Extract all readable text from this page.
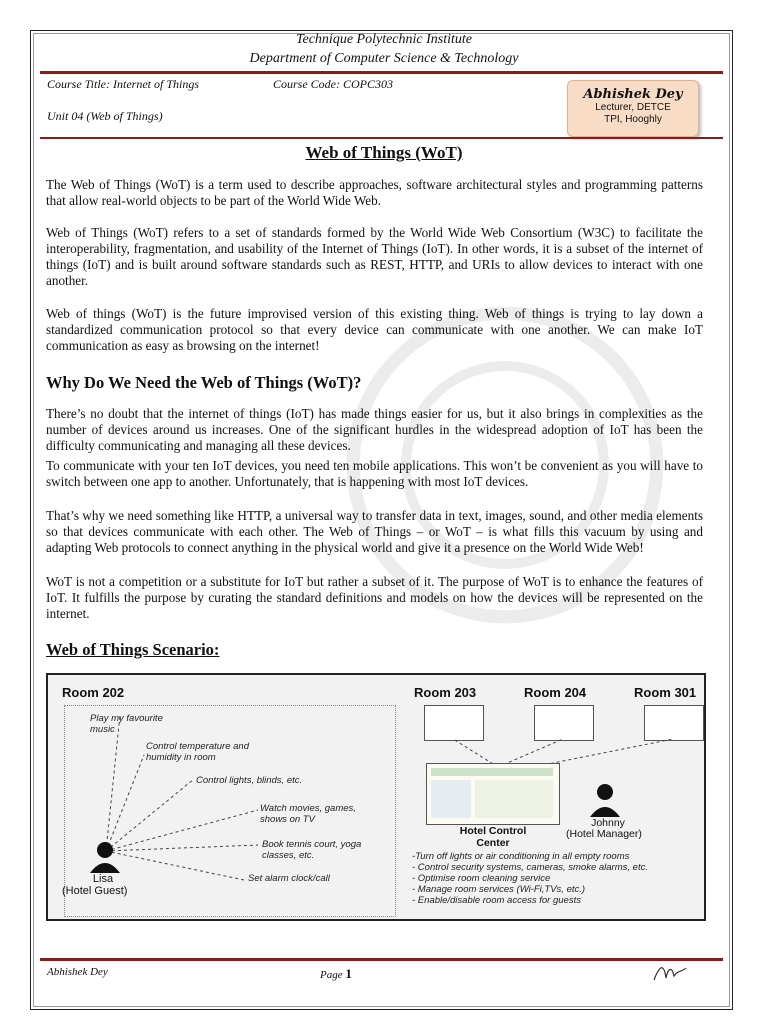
Technique Polytechnic Institute
Department of Computer Science & Technology
Course Title: Internet of Things	Course Code: COPC303
Unit 04 (Web of Things)
Abhishek Dey
Lecturer, DETCE
TPI, Hooghly
Web of Things (WoT)

The Web of Things (WoT) is a term used to describe approaches, software architectural styles and programming patterns that allow real-world objects to be part of the World Wide Web.

Web of Things (WoT) refers to a set of standards formed by the World Wide Web Consortium (W3C) to facilitate the interoperability, fragmentation, and usability of the Internet of Things (IoT). In other words, it is a subset of the internet of things (IoT) and is built around software standards such as REST, HTTP, and URIs to allow devices to interact with one another.

Web of things (WoT) is the future improvised version of this existing thing. Web of things is trying to lay down a standardized communication protocol so that every device can communicate with one another. We can make IoT communication as easy as browsing on the internet!

Why Do We Need the Web of Things (WoT)?

There’s no doubt that the internet of things (IoT) has made things easier for us, but it also brings in complexities as the number of devices around us increases. One of the significant hurdles in the widespread adoption of IoT has been the difficulty communicating and managing all these devices.

To communicate with your ten IoT devices, you need ten mobile applications. This won’t be convenient as you will have to switch between one app to another. Unfortunately, that is happening with most IoT devices.

That’s why we need something like HTTP, a universal way to transfer data in text, images, sound, and other media elements so that devices communicate with each other. The Web of Things – or WoT – is what fills this vacuum by using and adapting Web protocols to connect anything in the physical world and give it a presence on the World Wide Web!

WoT is not a competition or a substitute for IoT but rather a subset of it. The purpose of WoT is to enhance the features of IoT. It fulfills the purpose by curating the standard definitions and models on how the devices will be represented on the internet.

Web of Things Scenario:
Room 202	Room 203	Room 204	Room 301
Play my favourite music
Control temperature and humidity in room
Control lights, blinds, etc.
Watch movies, games, shows on TV
Book tennis court, yoga classes, etc.
Set alarm clock/call
Lisa
(Hotel Guest)
Hotel Control Center
Johnny
(Hotel Manager)
-Turn off lights or air conditioning in all empty rooms
- Control security systems, cameras, smoke alarms, etc.
- Optimise room cleaning service
- Manage room services (Wi-Fi,TVs, etc.)
- Enable/disable room access for guests
Abhishek Dey	Page 1
